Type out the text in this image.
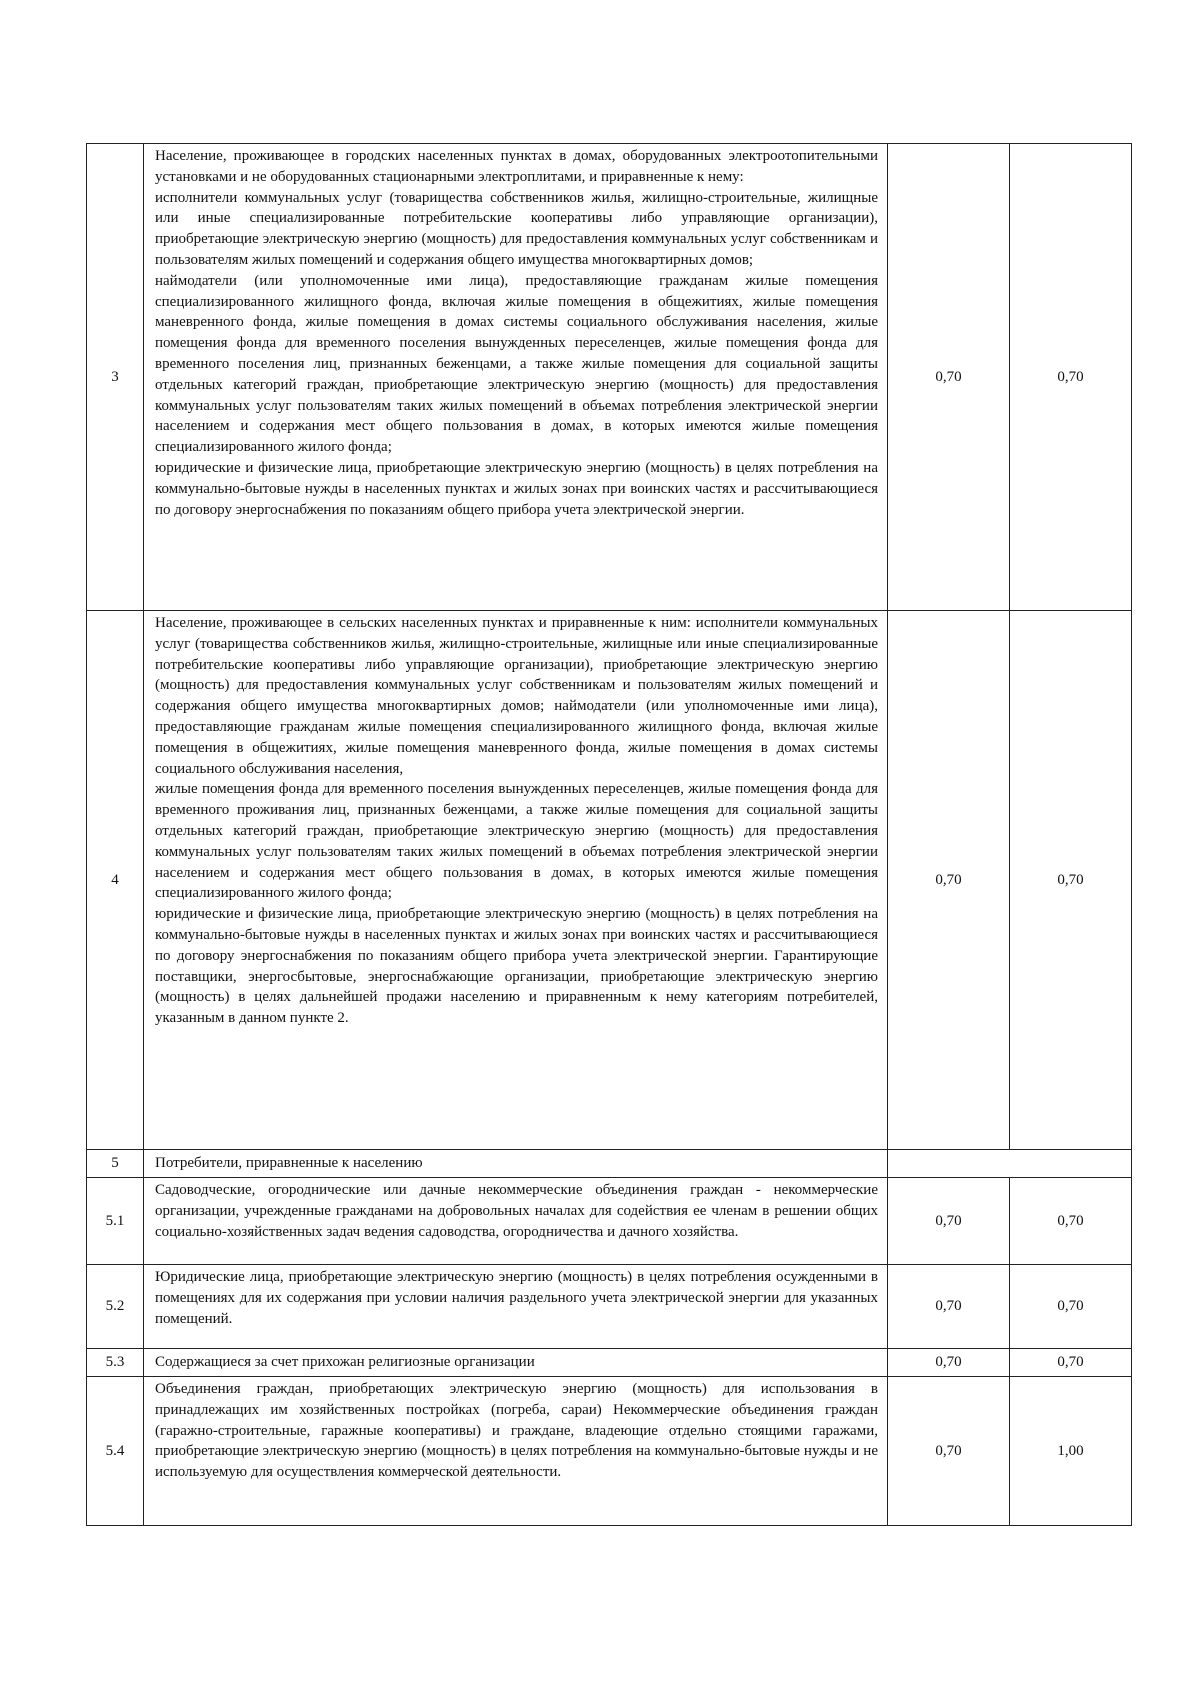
3	Население, проживающее в городских населенных пунктах в домах, оборудованных электроотопительными установками и не оборудованных стационарными электроплитами, и приравненные к нему:

исполнители коммунальных услуг (товарищества собственников жилья, жилищно-строительные, жилищные или иные специализированные потребительские кооперативы либо управляющие организации), приобретающие электрическую энергию (мощность) для предоставления коммунальных услуг собственникам и пользователям жилых помещений и содержания общего имущества многоквартирных домов;

наймодатели (или уполномоченные ими лица), предоставляющие гражданам жилые помещения специализированного жилищного фонда, включая жилые помещения в общежитиях, жилые помещения маневренного фонда, жилые помещения в домах системы социального обслуживания населения, жилые помещения фонда для временного поселения вынужденных переселенцев, жилые помещения фонда для временного поселения лиц, признанных беженцами, а также жилые помещения для социальной защиты отдельных категорий граждан, приобретающие электрическую энергию (мощность) для предоставления коммунальных услуг пользователям таких жилых помещений в объемах потребления электрической энергии населением и содержания мест общего пользования в домах, в которых имеются жилые помещения специализированного жилого фонда;

юридические и физические лица, приобретающие электрическую энергию (мощность) в целях потребления на коммунально-бытовые нужды в населенных пунктах и жилых зонах при воинских частях и рассчитывающиеся по договору энергоснабжения по показаниям общего прибора учета электрической энергии.	0,70	0,70
4	Население, проживающее в сельских населенных пунктах и приравненные к ним: исполнители коммунальных услуг (товарищества собственников жилья, жилищно-строительные, жилищные или иные специализированные потребительские кооперативы либо управляющие организации), приобретающие электрическую энергию (мощность) для предоставления коммунальных услуг собственникам и пользователям жилых помещений и содержания общего имущества многоквартирных домов; наймодатели (или уполномоченные ими лица), предоставляющие гражданам жилые помещения специализированного жилищного фонда, включая жилые помещения в общежитиях, жилые помещения маневренного фонда, жилые помещения в домах системы социального обслуживания населения,

жилые помещения фонда для временного поселения вынужденных переселенцев, жилые помещения фонда для временного проживания лиц, признанных беженцами, а также жилые помещения для социальной защиты отдельных категорий граждан, приобретающие электрическую энергию (мощность) для предоставления коммунальных услуг пользователям таких жилых помещений в объемах потребления электрической энергии населением и содержания мест общего пользования в домах, в которых имеются жилые помещения специализированного жилого фонда;

юридические и физические лица, приобретающие электрическую энергию (мощность) в целях потребления на коммунально-бытовые нужды в населенных пунктах и жилых зонах при воинских частях и рассчитывающиеся по договору энергоснабжения по показаниям общего прибора учета электрической энергии. Гарантирующие поставщики, энергосбытовые, энергоснабжающие организации, приобретающие электрическую энергию (мощность) в целях дальнейшей продажи населению и приравненным к нему категориям потребителей, указанным в данном пункте 2.	0,70	0,70
5	Потребители, приравненные к населению		

5.1	Садоводческие, огороднические или дачные некоммерческие объединения граждан - некоммерческие организации, учрежденные гражданами на добровольных началах для содействия ее членам в решении общих социально-хозяйственных задач ведения садоводства, огородничества и дачного хозяйства.	0,70	0,70
5.2	Юридические лица, приобретающие электрическую энергию (мощность) в целях потребления осужденными в помещениях для их содержания при условии наличия раздельного учета электрической энергии для указанных помещений.	0,70	0,70
5.3	Содержащиеся за счет прихожан религиозные организации	0,70	0,70
5.4	Объединения граждан, приобретающих электрическую энергию (мощность) для использования в принадлежащих им хозяйственных постройках (погреба, сараи) Некоммерческие объединения граждан (гаражно-строительные, гаражные кооперативы) и граждане, владеющие отдельно стоящими гаражами, приобретающие электрическую энергию (мощность) в целях потребления на коммунально-бытовые нужды и не используемую для осуществления коммерческой деятельности.	0,70	1,00
